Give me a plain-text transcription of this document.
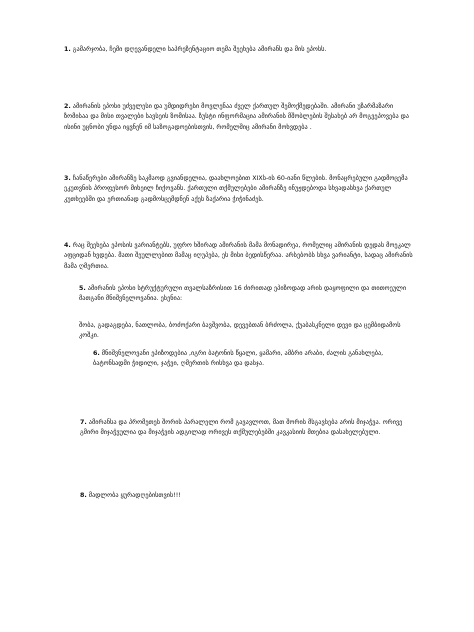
1. გამარჯობა, ჩემი დღევანდელი საპრეზენტაციო თემა შეეხება ამირანს და მის ეპოსს.

2. ამირანის ეპოსი უძველესი და უმდიდრესი მოვლენაა ძველ ქართულ შემოქმედებაში. ამირანი უზარმაზარი ზომისაა და მისი თვალები სავსეის ზომისაა. ზუსტი ინფორმაცია ამირანის მშობლების შესახებ არ მოგვეპოვება და ისინი უცნობი უნდა იყვნენ იმ საზოგადოებისთვის, რომელშიც ამირანი მოხვდება .

3. ჩანაწერები ამირანზე საკმაოდ გვიანდელია, დაახლოებით XIXს-ის 60-იანი წლების. მონაცრებული გადმოცემა ეკუთვნის პროფესორ მიხეილ ჩიქოვანს. ქართული თქმულებები ამირანზე ინუჟდებოდა სხვადასხვა ქართულ კუთხეებში და ერთიანად გადმოსცემდნენ აქეს ზაქარია ჭიჭინაძეს.

4. რაც შეეხება ეპოსის ვარიანტებს, უფრო ხშირად ამირანის მამა მონადირეა, რომელიც ამირანის დედას მოეკალ აფციდან ხვდება. მათი შეულლებით მამაც იღუპება, ეს მისი ბედისწერაა. არსებობს სხვა ვარიანტი, სადაც ამირანის მამა ღმერთია.

5. ამირანის ეპოსი სტრუქტურული თვალსაზრისით 16 ძირითად ეპიზოდად არის დაყოფილი და თითოეული მათგანი მნიშვნელოვანია. ესენია:

შობა, გადაგდება, ნათლობა, ბოძოქარი ბავშვობა, დევებთან ბრძოლა, ქუაბასკნელი დევი და ცემბიდამოს კოშკი.

6. მნიშვნელოვანი ეპიზოდებია ,იგრი ბატონის წყალი, ყამარი, ამბრი არაბი, ძალის განახლება, ბატონსადმი ჭიდილი, ჯაჭვი, ღმერთის რისხვა და დასჯა.

7. ამირანსა და პრომეთეს შორის პარალელი რომ გავავლოთ, მათ შორის მსგავსება არის მიჯაჭვა. ორივე გმირი მიჯაჭვულია და მიჯაჭვის ადგილად ორივეს თქმულებებში კავკასიის მთებია დასახელებული.

8. მადლობა ყურადღებისთვის!!!
